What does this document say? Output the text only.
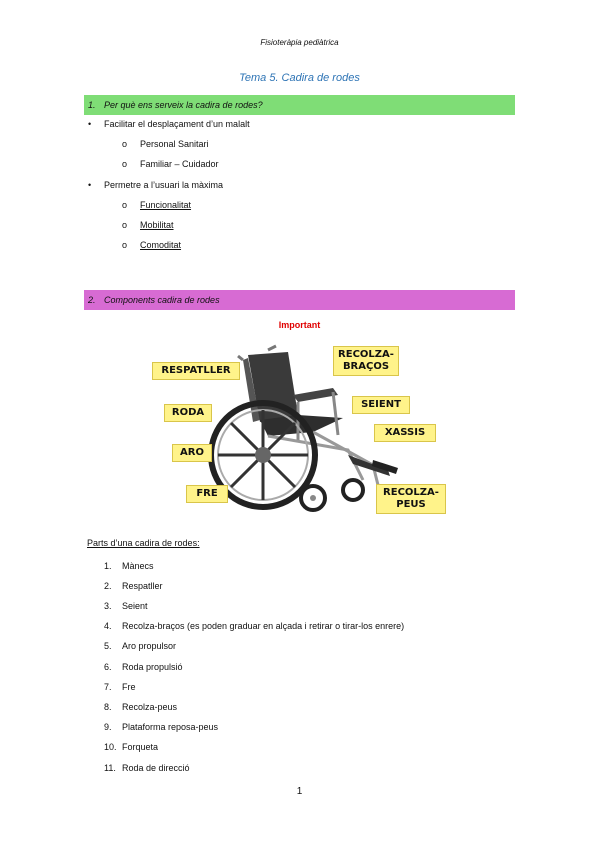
Fisioteràpia pediàtrica
Tema 5. Cadira de rodes
1. Per què ens serveix la cadira de rodes?
• Facilitar el desplaçament d’un malalt
o Personal Sanitari
o Familiar – Cuidador
• Permetre a l’usuari la màxima
o Funcionalitat
o Mobilitat
o Comoditat
2. Components cadira de rodes
Important
RESPATLLER
RODA
ARO
FRE
RECOLZA-
BRAÇOS
SEIENT
XASSIS
RECOLZA-
PEUS
Parts d’una cadira de rodes:
1. Mànecs
2. Respatller
3. Seient
4. Recolza-braços (es poden graduar en alçada i retirar o tirar-los enrere)
5. Aro propulsor
6. Roda propulsió
7. Fre
8. Recolza-peus
9. Plataforma reposa-peus
10. Forqueta
11. Roda de direcció
1
